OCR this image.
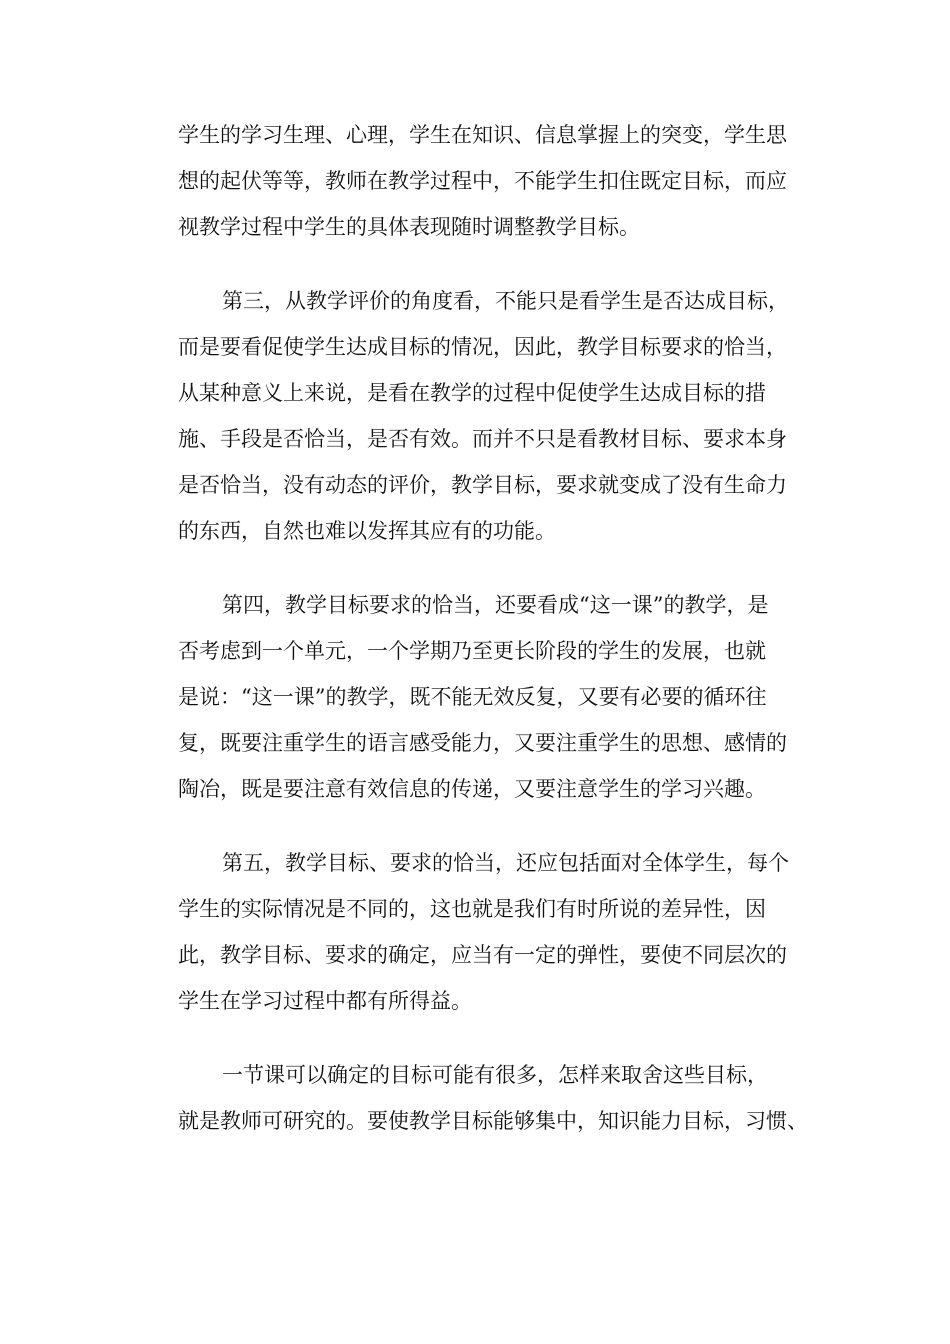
学生的学习生理、心理，学生在知识、信息掌握上的突变，学生思
想的起伏等等，教师在教学过程中，不能学生扣住既定目标，而应
视教学过程中学生的具体表现随时调整教学目标。
第三，从教学评价的角度看，不能只是看学生是否达成目标，
而是要看促使学生达成目标的情况，因此，教学目标要求的恰当，
从某种意义上来说，是看在教学的过程中促使学生达成目标的措
施、手段是否恰当，是否有效。而并不只是看教材目标、要求本身
是否恰当，没有动态的评价，教学目标，要求就变成了没有生命力
的东西，自然也难以发挥其应有的功能。
第四，教学目标要求的恰当，还要看成“这一课”的教学，是
否考虑到一个单元，一个学期乃至更长阶段的学生的发展，也就
是说：“这一课”的教学，既不能无效反复，又要有必要的循环往
复，既要注重学生的语言感受能力，又要注重学生的思想、感情的
陶冶，既是要注意有效信息的传递，又要注意学生的学习兴趣。
第五，教学目标、要求的恰当，还应包括面对全体学生，每个
学生的实际情况是不同的，这也就是我们有时所说的差异性，因
此，教学目标、要求的确定，应当有一定的弹性，要使不同层次的
学生在学习过程中都有所得益。
一节课可以确定的目标可能有很多，怎样来取舍这些目标，
就是教师可研究的。要使教学目标能够集中，知识能力目标，习惯、
